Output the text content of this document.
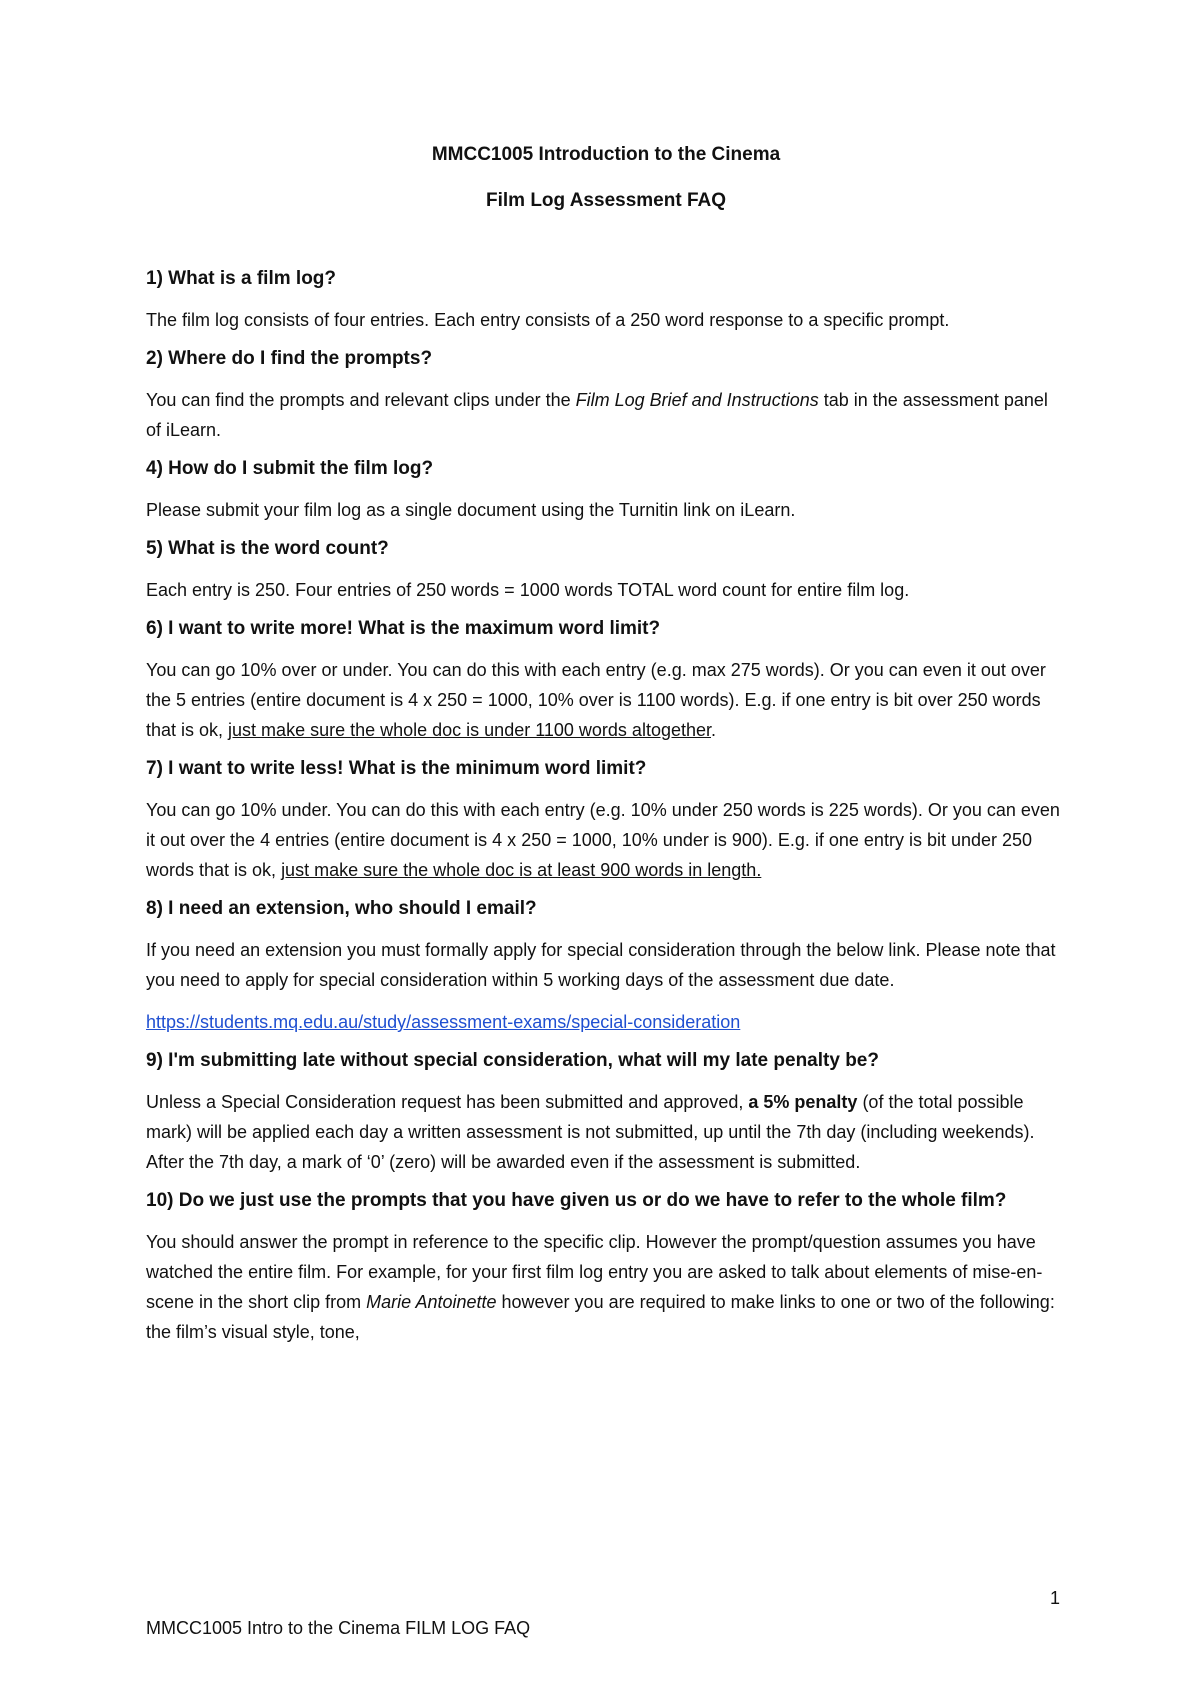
MMCC1005 Introduction to the Cinema
Film Log Assessment FAQ
1) What is a film log?
The film log consists of four entries. Each entry consists of a 250 word response to a specific prompt.
2) Where do I find the prompts?
You can find the prompts and relevant clips under the Film Log Brief and Instructions tab in the assessment panel of iLearn.
4) How do I submit the film log?
Please submit your film log as a single document using the Turnitin link on iLearn.
5) What is the word count?
Each entry is 250. Four entries of 250 words = 1000 words TOTAL word count for entire film log.
6) I want to write more! What is the maximum word limit?
You can go 10% over or under. You can do this with each entry (e.g. max 275 words). Or you can even it out over the 5 entries (entire document is 4 x 250 = 1000, 10% over is 1100 words). E.g. if one entry is bit over 250 words that is ok, just make sure the whole doc is under 1100 words altogether.
7) I want to write less! What is the minimum word limit?
You can go 10% under. You can do this with each entry (e.g. 10% under 250 words is 225 words). Or you can even it out over the 4 entries (entire document is 4 x 250 = 1000, 10% under is 900). E.g. if one entry is bit under 250 words that is ok, just make sure the whole doc is at least 900 words in length.
8) I need an extension, who should I email?
If you need an extension you must formally apply for special consideration through the below link. Please note that you need to apply for special consideration within 5 working days of the assessment due date.
https://students.mq.edu.au/study/assessment-exams/special-consideration
9) I'm submitting late without special consideration, what will my late penalty be?
Unless a Special Consideration request has been submitted and approved, a 5% penalty (of the total possible mark) will be applied each day a written assessment is not submitted, up until the 7th day (including weekends). After the 7th day, a mark of ‘0’ (zero) will be awarded even if the assessment is submitted.
10) Do we just use the prompts that you have given us or do we have to refer to the whole film?
You should answer the prompt in reference to the specific clip. However the prompt/question assumes you have watched the entire film. For example, for your first film log entry you are asked to talk about elements of mise-en-scene in the short clip from Marie Antoinette however you are required to make links to one or two of the following: the film’s visual style, tone,
1
MMCC1005 Intro to the Cinema FILM LOG FAQ
